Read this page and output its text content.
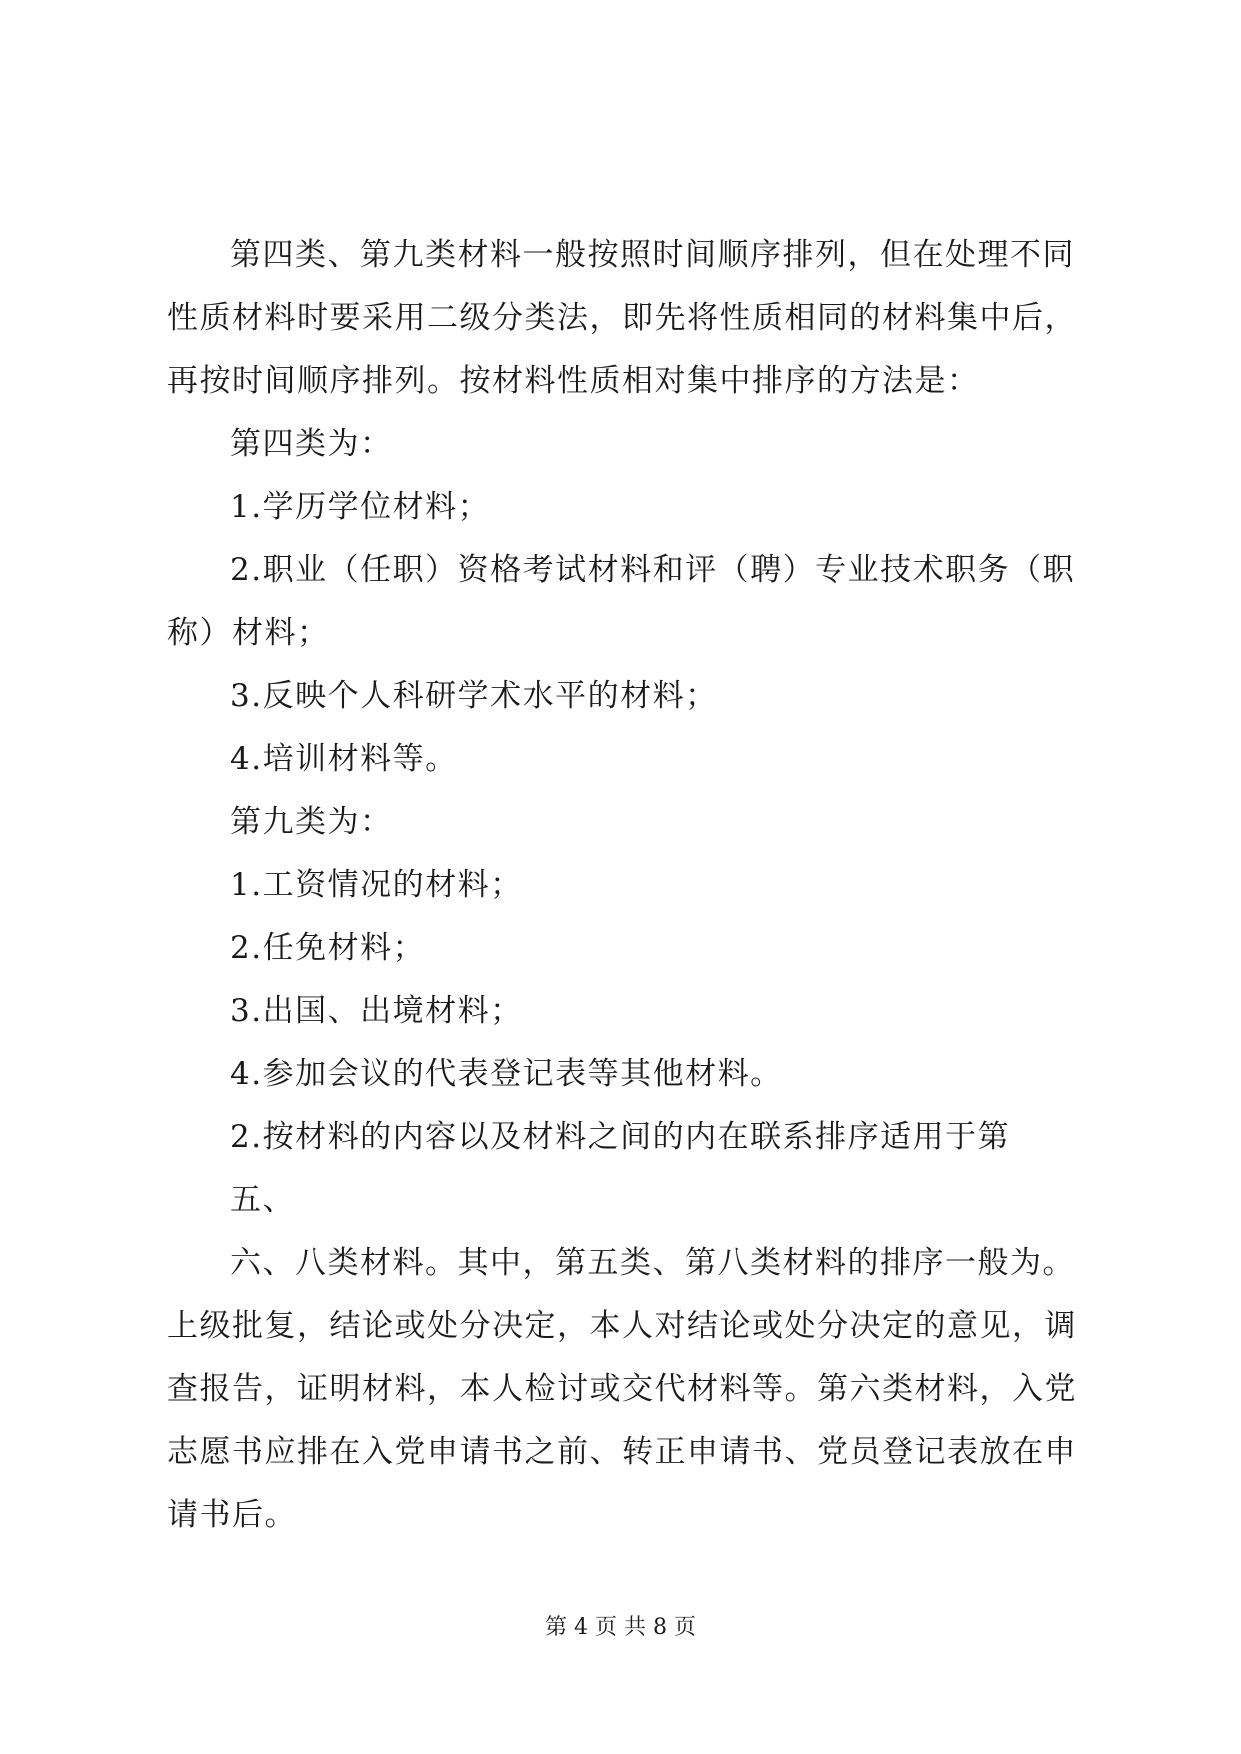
第四类、第九类材料一般按照时间顺序排列，但在处理不同
性质材料时要采用二级分类法，即先将性质相同的材料集中后，
再按时间顺序排列。按材料性质相对集中排序的方法是：
第四类为：
1.学历学位材料；
2.职业（任职）资格考试材料和评（聘）专业技术职务（职
称）材料；
3.反映个人科研学术水平的材料；
4.培训材料等。
第九类为：
1.工资情况的材料；
2.任免材料；
3.出国、出境材料；
4.参加会议的代表登记表等其他材料。
2.按材料的内容以及材料之间的内在联系排序适用于第
五、
六、八类材料。其中，第五类、第八类材料的排序一般为。
上级批复，结论或处分决定，本人对结论或处分决定的意见，调
查报告，证明材料，本人检讨或交代材料等。第六类材料，入党
志愿书应排在入党申请书之前、转正申请书、党员登记表放在申
请书后。
第 4 页 共 8 页
